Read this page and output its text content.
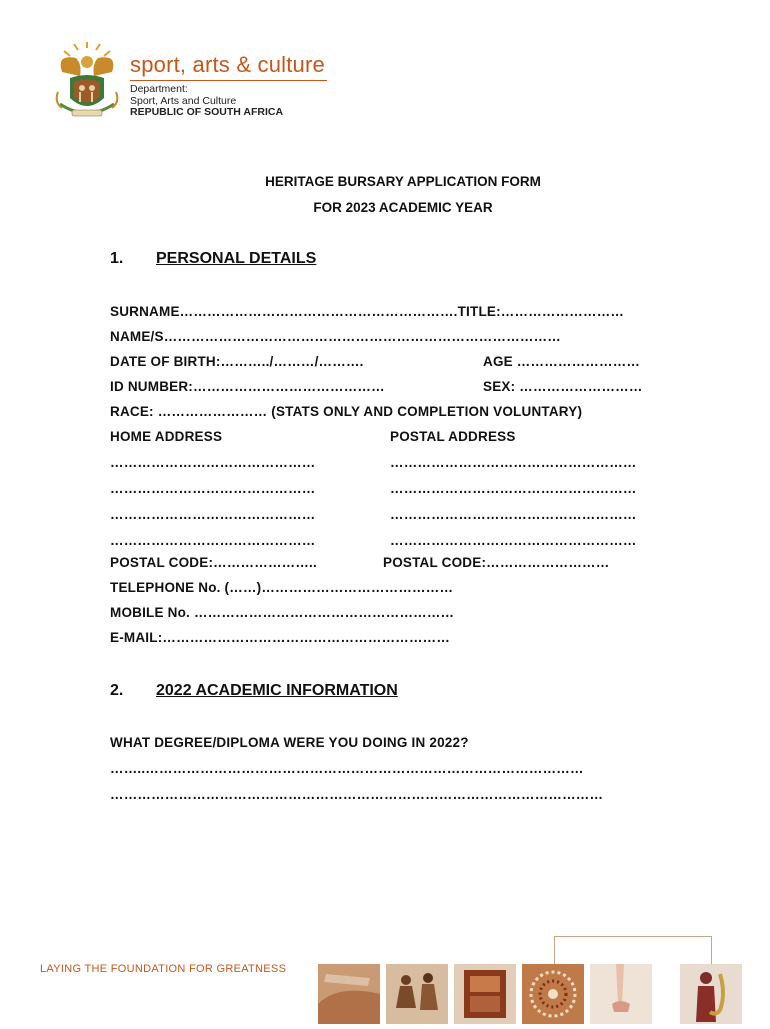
sport, arts & culture
Department:
Sport, Arts and Culture
REPUBLIC OF SOUTH AFRICA
HERITAGE BURSARY APPLICATION FORM
FOR 2023 ACADEMIC YEAR
1. PERSONAL DETAILS
SURNAME…………………………………………………….TITLE:………………………
NAME/S……………………………………………………………………………
DATE OF BIRTH:………../………/……….	AGE ………………………
ID NUMBER:……………………………………	SEX: ………………………
RACE: …………………… (STATS ONLY AND COMPLETION VOLUNTARY)
HOME ADDRESS	POSTAL ADDRESS
………………………………………	………………………………………………
………………………………………	………………………………………………
………………………………………	………………………………………………
………………………………………	………………………………………………
POSTAL CODE:…………………..	POSTAL CODE:………………………
TELEPHONE No. (……)……………………………………
MOBILE No. …………………………………………………
E-MAIL:………………………………………………………
2. 2022 ACADEMIC INFORMATION
WHAT DEGREE/DIPLOMA WERE YOU DOING IN 2022?
……..……………………………………………………………………………………
………………………………………………………………………………………………
LAYING THE FOUNDATION FOR GREATNESS
